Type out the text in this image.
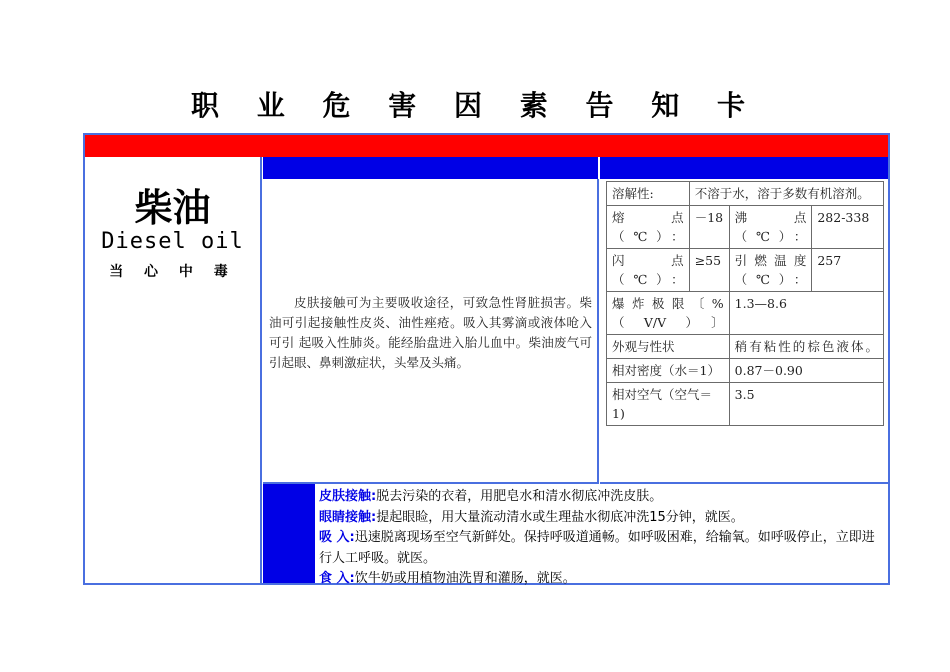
职 业 危 害 因 素 告 知 卡
柴油
Diesel oil
当 心 中 毒
皮肤接触可为主要吸收途径，可致急性肾脏损害。柴油可引起接触性皮炎、油性痤疮。吸入其雾滴或液体呛入可引 起吸入性肺炎。能经胎盘进入胎儿血中。柴油废气可引起眼、鼻刺激症状，头晕及头痛。
溶解性:	不溶于水，溶于多数有机溶剂。		
熔 点（℃）：	－18	沸 点（℃）：	282-338
闪 点（℃）：	≥55	引燃温度（℃）：	257
爆炸极限〔%（V/V）〕		1.3—8.6	
外观与性状		稍有粘性的棕色液体。	
相对密度（水＝1）		0.87－0.90	
相对空气（空气＝1)		3.5	
皮肤接触:脱去污染的衣着，用肥皂水和清水彻底冲洗皮肤。
眼睛接触:提起眼睑，用大量流动清水或生理盐水彻底冲洗15分钟，就医。
吸 入:迅速脱离现场至空气新鲜处。保持呼吸道通畅。如呼吸困难，给输氧。如呼吸停止，立即进行人工呼吸。就医。
食 入:饮牛奶或用植物油洗胃和灌肠，就医。
